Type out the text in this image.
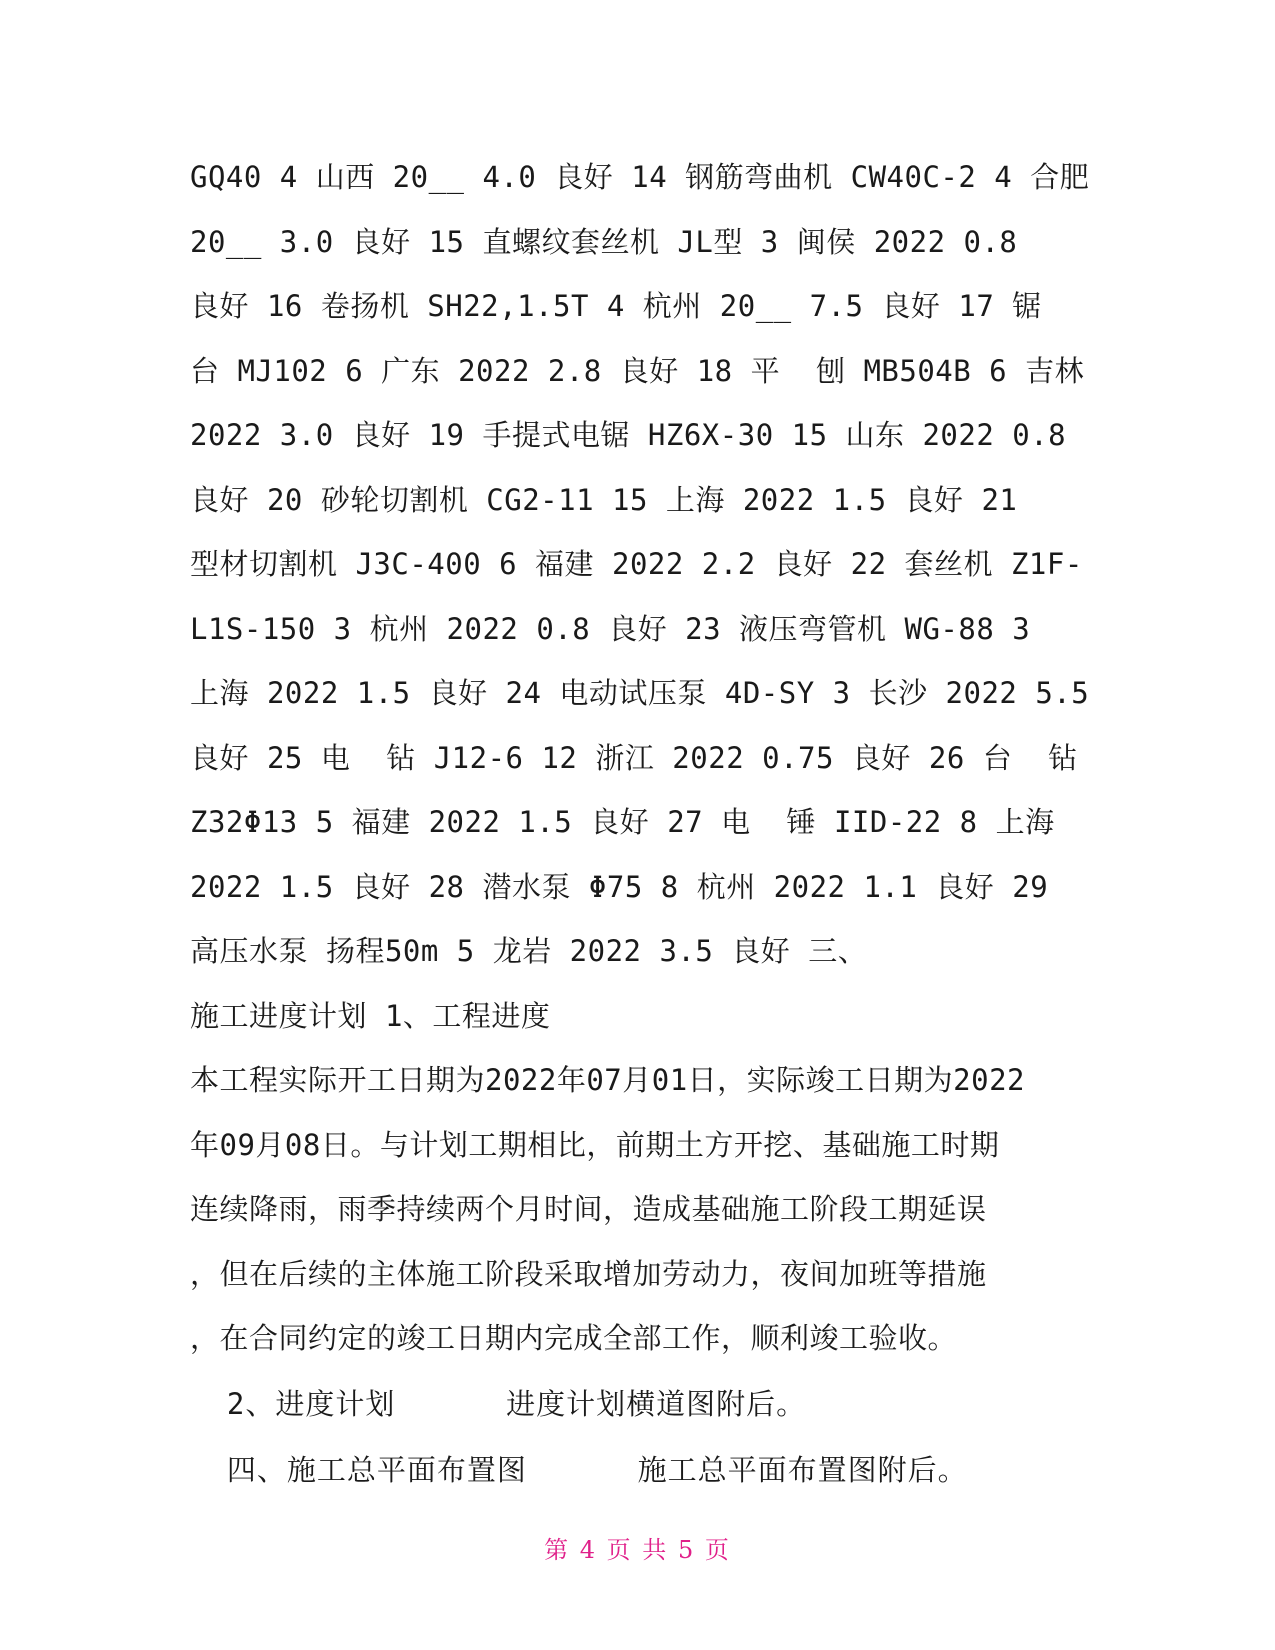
GQ40 4 山西 20__ 4.0 良好 14 钢筋弯曲机 CW40C-2 4 合肥
20__ 3.0 良好 15 直螺纹套丝机 JL型 3 闽侯 2022 0.8
良好 16 卷扬机 SH22,1.5T 4 杭州 20__ 7.5 良好 17 锯
台 MJ102 6 广东 2022 2.8 良好 18 平  刨 MB504B 6 吉林
2022 3.0 良好 19 手提式电锯 HZ6X-30 15 山东 2022 0.8
良好 20 砂轮切割机 CG2-11 15 上海 2022 1.5 良好 21
型材切割机 J3C-400 6 福建 2022 2.2 良好 22 套丝机 Z1F-
L1S-150 3 杭州 2022 0.8 良好 23 液压弯管机 WG-88 3
上海 2022 1.5 良好 24 电动试压泵 4D-SY 3 长沙 2022 5.5
良好 25 电  钻 J12-6 12 浙江 2022 0.75 良好 26 台  钻
Z32Φ13 5 福建 2022 1.5 良好 27 电  锤 IID-22 8 上海
2022 1.5 良好 28 潜水泵 Φ75 8 杭州 2022 1.1 良好 29
高压水泵 扬程50m 5 龙岩 2022 3.5 良好 三、
施工进度计划 1、工程进度
本工程实际开工日期为2022年07月01日，实际竣工日期为2022
年09月08日。与计划工期相比，前期土方开挖、基础施工时期
连续降雨，雨季持续两个月时间，造成基础施工阶段工期延误
，但在后续的主体施工阶段采取增加劳动力，夜间加班等措施
，在合同约定的竣工日期内完成全部工作，顺利竣工验收。
2、进度计划      进度计划横道图附后。
四、施工总平面布置图      施工总平面布置图附后。
第 4 页 共 5 页
